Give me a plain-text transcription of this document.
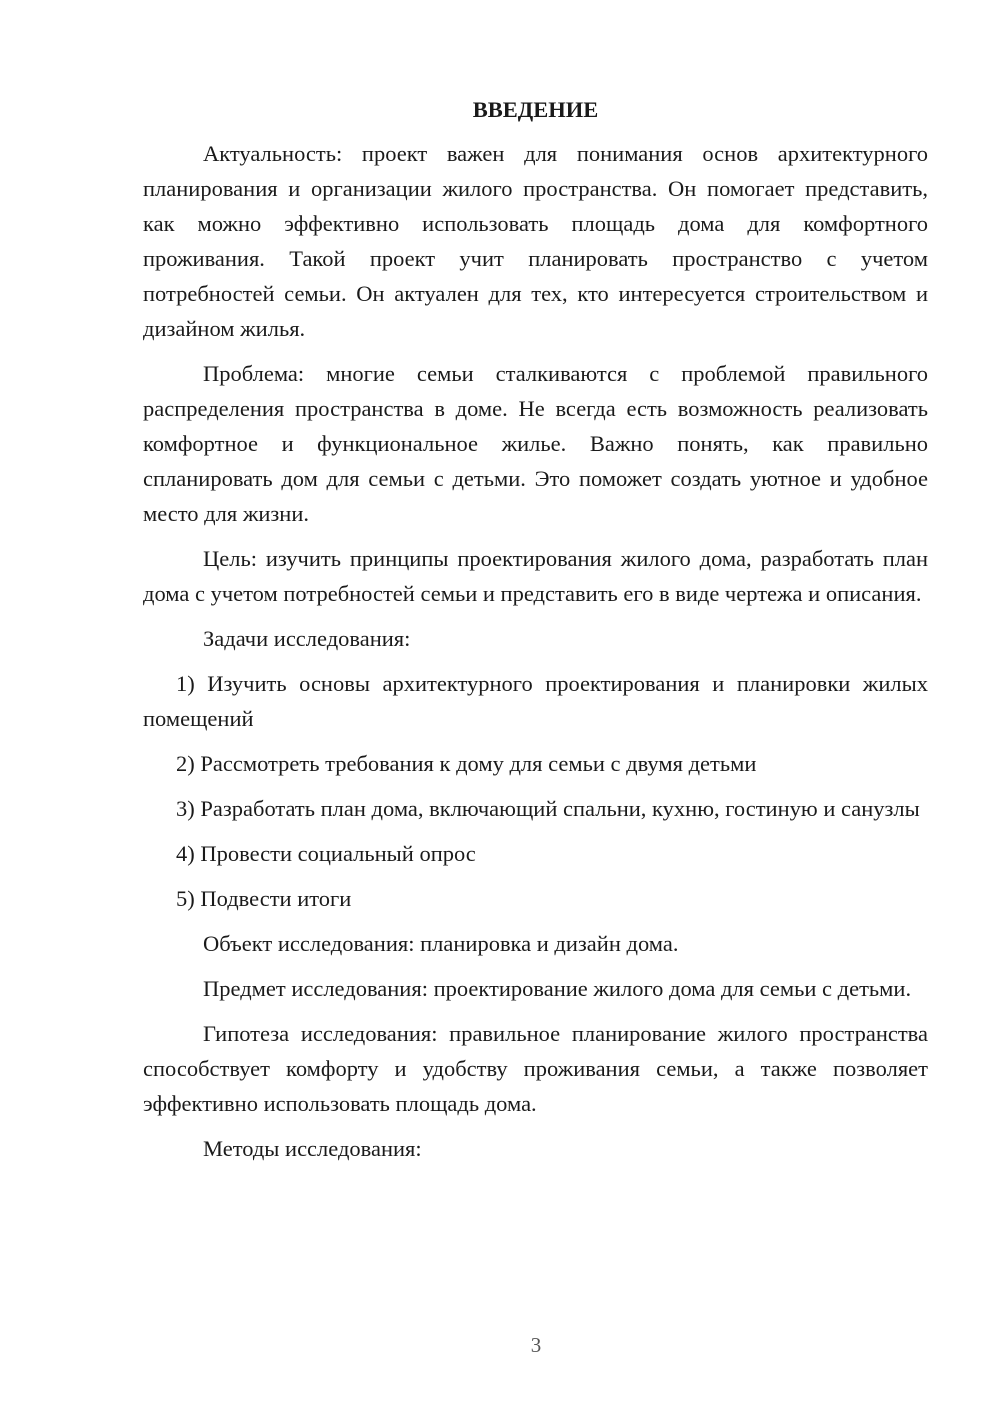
ВВЕДЕНИЕ

Актуальность: проект важен для понимания основ архитектурного планирования и организации жилого пространства. Он помогает представить, как можно эффективно использовать площадь дома для комфортного проживания. Такой проект учит планировать пространство с учетом потребностей семьи. Он актуален для тех, кто интересуется строительством и дизайном жилья.

Проблема: многие семьи сталкиваются с проблемой правильного распределения пространства в доме. Не всегда есть возможность реализовать комфортное и функциональное жилье. Важно понять, как правильно спланировать дом для семьи с детьми. Это поможет создать уютное и удобное место для жизни.

Цель: изучить принципы проектирования жилого дома, разработать план дома с учетом потребностей семьи и представить его в виде чертежа и описания.

Задачи исследования:

1) Изучить основы архитектурного проектирования и планировки жилых помещений

2) Рассмотреть требования к дому для семьи с двумя детьми

3) Разработать план дома, включающий спальни, кухню, гостиную и санузлы

4) Провести социальный опрос

5) Подвести итоги

Объект исследования: планировка и дизайн дома.

Предмет исследования: проектирование жилого дома для семьи с детьми.

Гипотеза исследования: правильное планирование жилого пространства способствует комфорту и удобству проживания семьи, а также позволяет эффективно использовать площадь дома.

Методы исследования:

3
